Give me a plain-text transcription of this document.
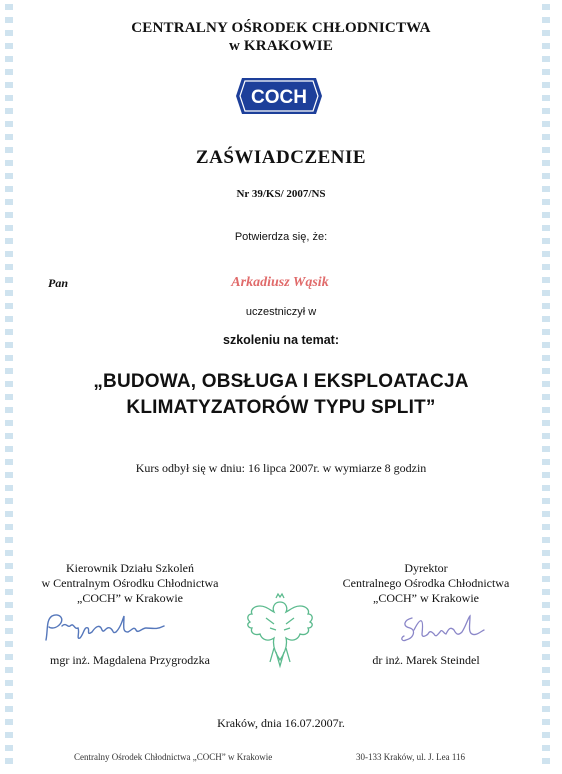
CENTRALNY OŚRODEK CHŁODNICTWA
w KRAKOWIE
COCH
ZAŚWIADCZENIE
Nr 39/KS/ 2007/NS
Potwierdza się, że:
Pan	Arkadiusz Wąsik
uczestniczył w
szkoleniu na temat:
„BUDOWA, OBSŁUGA I EKSPLOATACJA
KLIMATYZATORÓW TYPU SPLIT”
Kurs odbył się w dniu: 16 lipca 2007r. w wymiarze 8 godzin
Kierownik Działu Szkoleń
w Centralnym Ośrodku Chłodnictwa
„COCH” w Krakowie
mgr inż. Magdalena Przygrodzka
Dyrektor
Centralnego Ośrodka Chłodnictwa
„COCH” w Krakowie
dr inż. Marek Steindel
Kraków, dnia 16.07.2007r.
Centralny Ośrodek Chłodnictwa „COCH” w Krakowie	30-133 Kraków, ul. J. Lea 116
